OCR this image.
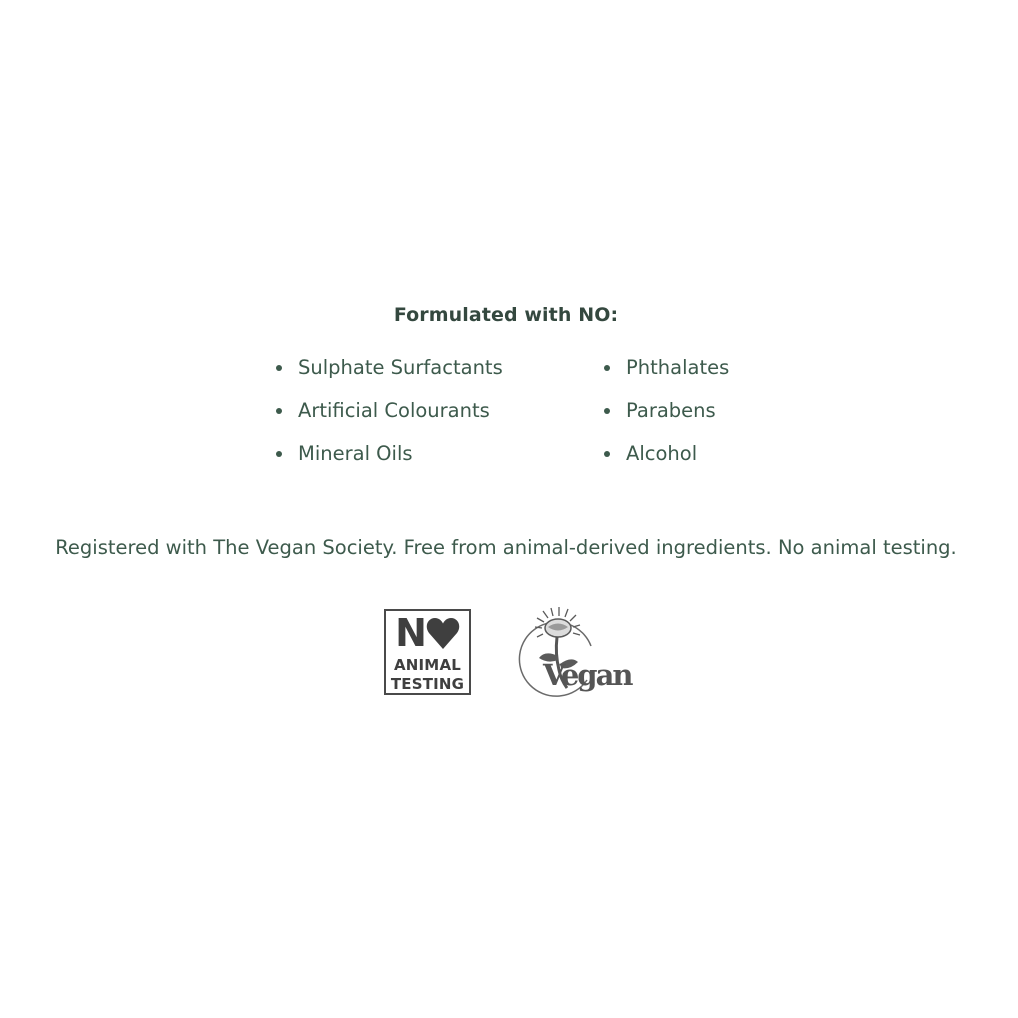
Formulated with NO:
Sulphate Surfactants
Artificial Colourants
Mineral Oils
Phthalates
Parabens
Alcohol
Registered with The Vegan Society. Free from animal-derived ingredients. No animal testing.
N
ANIMAL
TESTING	Vegan
